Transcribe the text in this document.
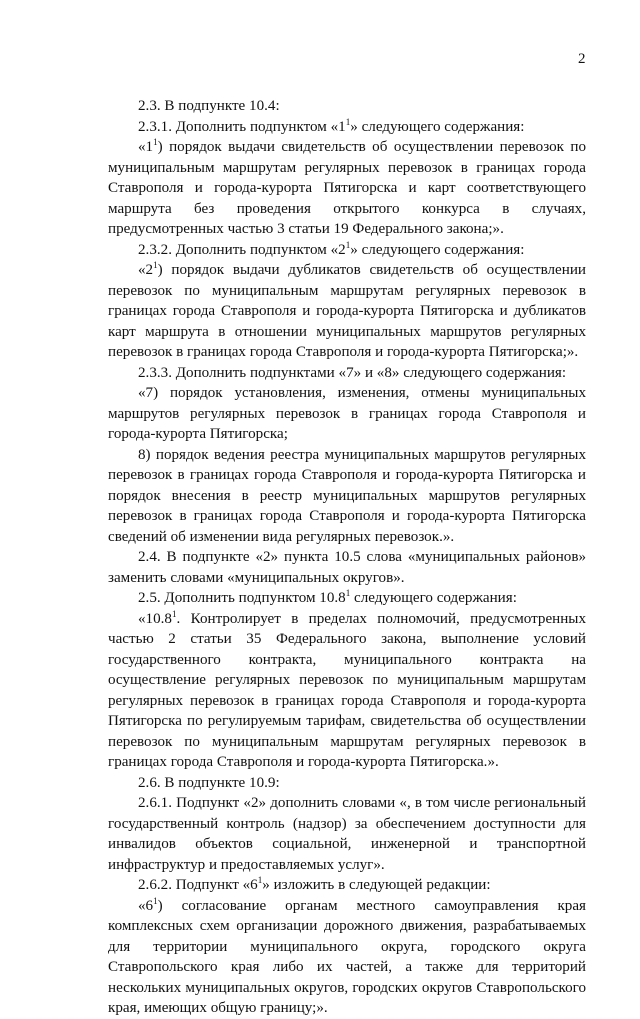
2

2.3. В подпункте 10.4:

2.3.1. Дополнить подпунктом «$1^1$» следующего содержания:

«$1^1$) порядок выдачи свидетельств об осуществлении перевозок по муниципальным маршрутам регулярных перевозок в границах города Ставрополя и города-курорта Пятигорска и карт соответствующего маршрута без проведения открытого конкурса в случаях, предусмотренных частью 3 статьи 19 Федерального закона;».

2.3.2. Дополнить подпунктом «$2^1$» следующего содержания:

«$2^1$) порядок выдачи дубликатов свидетельств об осуществлении перевозок по муниципальным маршрутам регулярных перевозок в границах города Ставрополя и города-курорта Пятигорска и дубликатов карт маршрута в отношении муниципальных маршрутов регулярных перевозок в границах города Ставрополя и города-курорта Пятигорска;».

2.3.3. Дополнить подпунктами «7» и «8» следующего содержания:

«7) порядок установления, изменения, отмены муниципальных маршрутов регулярных перевозок в границах города Ставрополя и города-курорта Пятигорска;

8) порядок ведения реестра муниципальных маршрутов регулярных перевозок в границах города Ставрополя и города-курорта Пятигорска и порядок внесения в реестр муниципальных маршрутов регулярных перевозок в границах города Ставрополя и города-курорта Пятигорска сведений об изменении вида регулярных перевозок.».

2.4. В подпункте «2» пункта 10.5 слова «муниципальных районов» заменить словами «муниципальных округов».

2.5. Дополнить подпунктом 10.8$^1$ следующего содержания:

«10.8$^1$. Контролирует в пределах полномочий, предусмотренных частью 2 статьи 35 Федерального закона, выполнение условий государственного контракта, муниципального контракта на осуществление регулярных перевозок по муниципальным маршрутам регулярных перевозок в границах города Ставрополя и города-курорта Пятигорска по регулируемым тарифам, свидетельства об осуществлении перевозок по муниципальным маршрутам регулярных перевозок в границах города Ставрополя и города-курорта Пятигорска.».

2.6. В подпункте 10.9:

2.6.1. Подпункт «2» дополнить словами «, в том числе региональный государственный контроль (надзор) за обеспечением доступности для инвалидов объектов социальной, инженерной и транспортной инфраструктур и предоставляемых услуг».

2.6.2. Подпункт «$6^1$» изложить в следующей редакции:

«$6^1$) согласование органам местного самоуправления края комплексных схем организации дорожного движения, разрабатываемых для территории муниципального округа, городского округа Ставропольского края либо их частей, а также для территорий нескольких муниципальных округов, городских округов Ставропольского края, имеющих общую границу;».
